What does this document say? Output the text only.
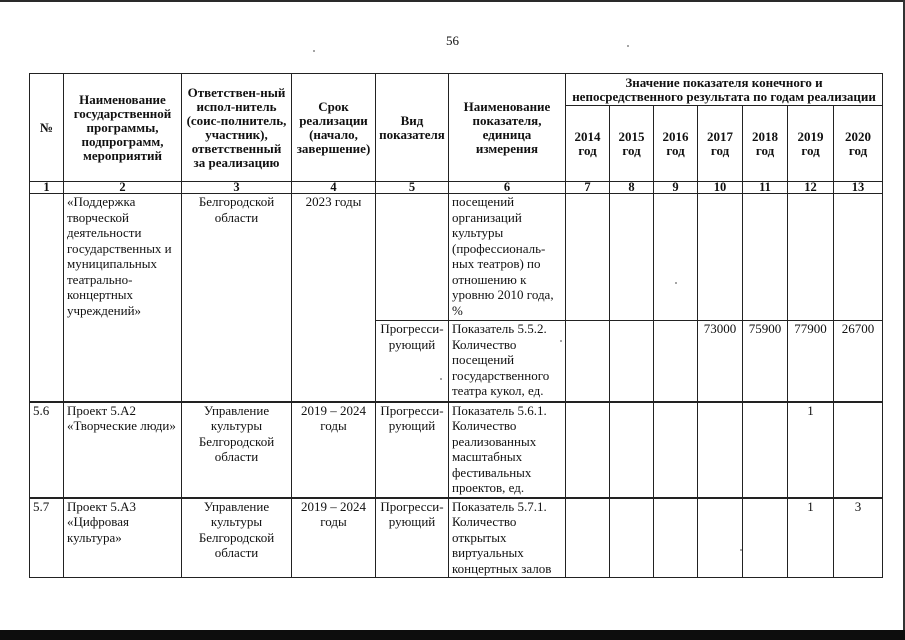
56
№	Наименование государственной программы, подпрограмм, мероприятий	Ответствен-ный испол-нитель (соис-полнитель, участник), ответственный за реализацию	Срок реализации (начало, завершение)	Вид показателя	Наименование показателя, единица измерения	Значение показателя конечного и непосредственного результата по годам реализации						
						2014 год	2015 год	2016 год	2017 год	2018 год	2019 год	2020 год
1	2	3	4	5	6	7	8	9	10	11	12	13
	«Поддержка творческой деятельности государственных и муниципальных театрально-концертных учреждений»	Белгородской области	2023 годы		посещений организаций культуры (профессиональ-ных театров) по отношению к уровню 2010 года, %							
				Прогресси-рующий	Показатель 5.5.2. Количество посещений государственного театра кукол, ед.				73000	75900	77900	26700
5.6	Проект 5.А2 «Творческие люди»	Управление культуры Белгородской области	2019 – 2024 годы	Прогресси-рующий	Показатель 5.6.1. Количество реализованных масштабных фестивальных проектов, ед.						1	
5.7	Проект 5.А3 «Цифровая культура»	Управление культуры Белгородской области	2019 – 2024 годы	Прогресси-рующий	Показатель 5.7.1. Количество открытых виртуальных концертных залов						1	3
